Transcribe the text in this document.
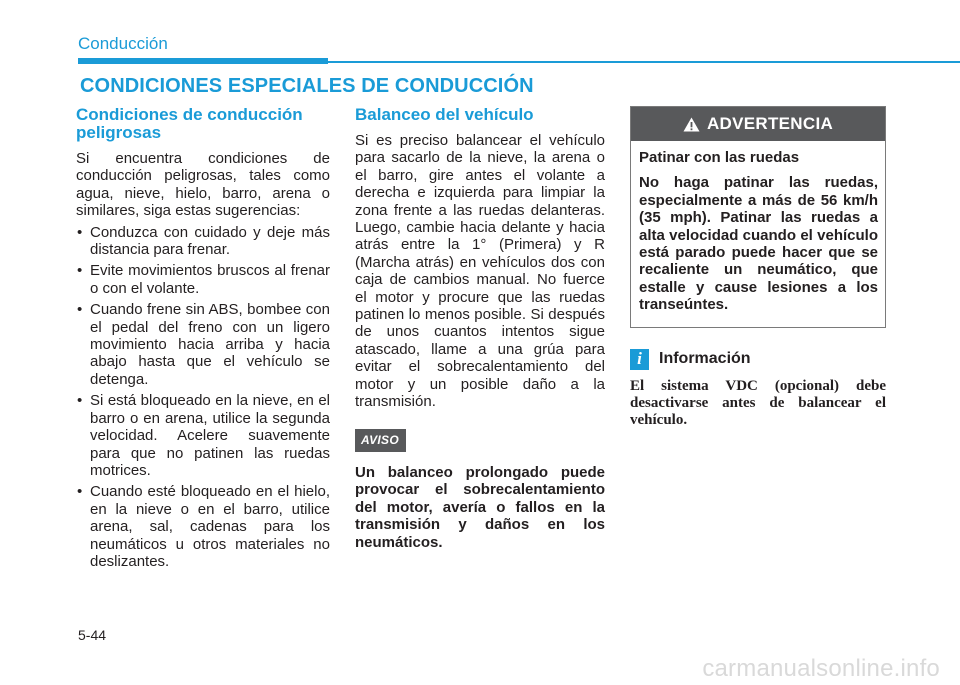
Conducción
CONDICIONES ESPECIALES DE CONDUCCIÓN
Condiciones de conducción peligrosas

Si encuentra condiciones de conducción peligrosas, tales como agua, nieve, hielo, barro, arena o similares, siga estas sugerencias:

• Conduzca con cuidado y deje más distancia para frenar.
• Evite movimientos bruscos al frenar o con el volante.
• Cuando frene sin ABS, bombee con el pedal del freno con un ligero movimiento hacia arriba y hacia abajo hasta que el vehículo se detenga.
• Si está bloqueado en la nieve, en el barro o en arena, utilice la segunda velocidad. Acelere suavemente para que no patinen las ruedas motrices.
• Cuando esté bloqueado en el hielo, en la nieve o en el barro, utilice arena, sal, cadenas para los neumáticos u otros materiales no deslizantes.
Balanceo del vehículo

Si es preciso balancear el vehículo para sacarlo de la nieve, la arena o el barro, gire antes el volante a derecha e izquierda para limpiar la zona frente a las ruedas delanteras. Luego, cambie hacia delante y hacia atrás entre la 1° (Primera) y R (Marcha atrás) en vehículos dos con caja de cambios manual. No fuerce el motor y procure que las ruedas patinen lo menos posible. Si después de unos cuantos intentos sigue atascado, llame a una grúa para evitar el sobrecalentamiento del motor y un posible daño a la transmisión.

AVISO

Un balanceo prolongado puede provocar el sobrecalentamiento del motor, avería o fallos en la transmisión y daños en los neumáticos.

ADVERTENCIA

Patinar con las ruedas

No haga patinar las ruedas, especialmente a más de 56 km/h (35 mph). Patinar las ruedas a alta velocidad cuando el vehículo está parado puede hacer que se recaliente un neumático, que estalle y cause lesiones a los transeúntes.

i	Información

El sistema VDC (opcional) debe desactivarse antes de balancear el vehículo.

5-44

carmanualsonline.info
